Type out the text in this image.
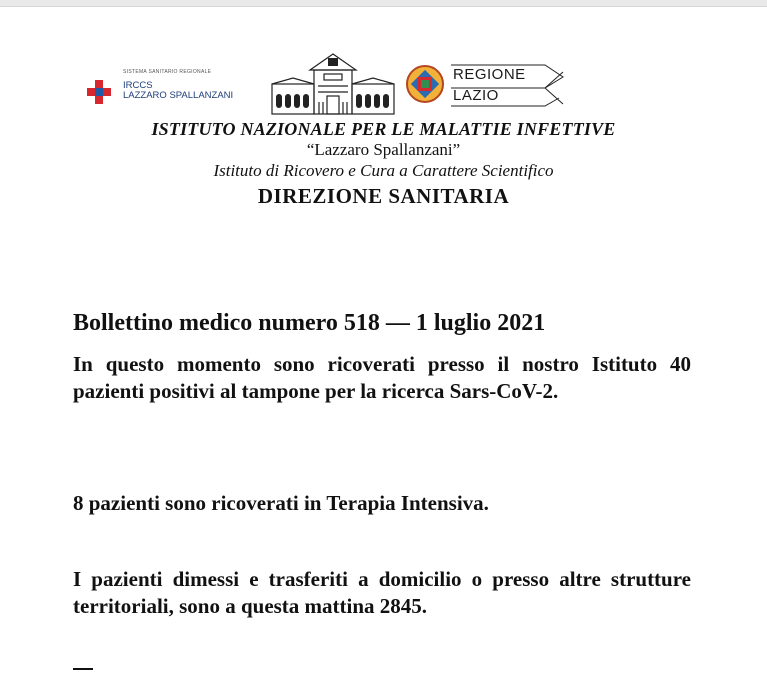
SISTEMA SANITARIO REGIONALE
IRCCS
LAZZARO SPALLANZANI
REGIONE
LAZIO
ISTITUTO NAZIONALE PER LE MALATTIE INFETTIVE
“Lazzaro Spallanzani”
Istituto di Ricovero e Cura a Carattere Scientifico
DIREZIONE SANITARIA
Bollettino medico numero 518 — 1 luglio 2021
In questo momento sono ricoverati presso il nostro Istituto 40 pazienti positivi al tampone per la ricerca Sars-CoV-2.
8 pazienti sono ricoverati in Terapia Intensiva.
I pazienti dimessi e trasferiti a domicilio o presso altre strutture territoriali, sono a questa mattina 2845.
